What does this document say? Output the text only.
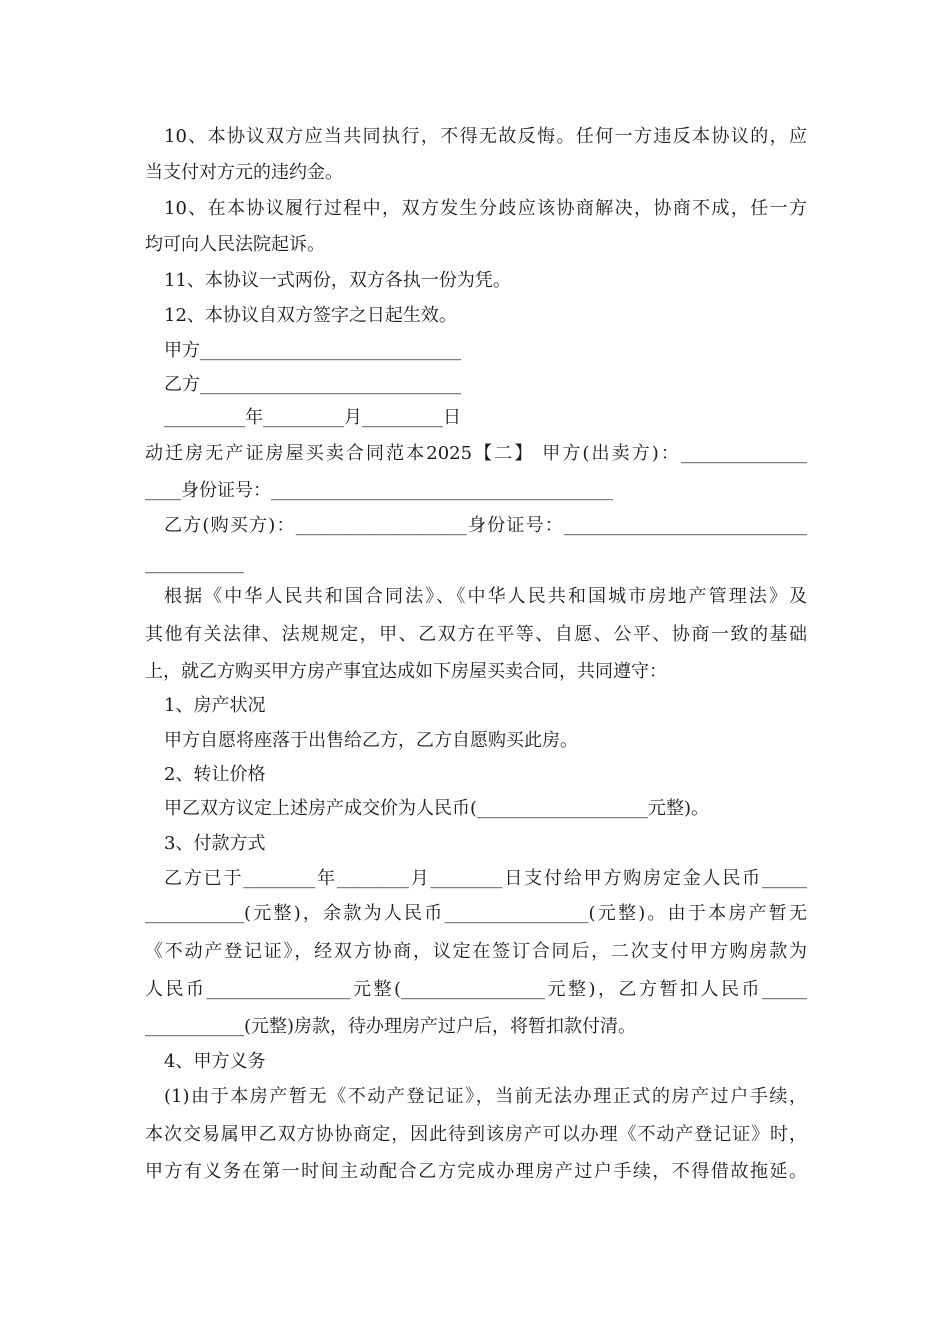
10、本协议双方应当共同执行，不得无故反悔。任何一方违反本协议的，应
当支付对方元的违约金。
10、在本协议履行过程中，双方发生分歧应该协商解决，协商不成，任一方
均可向人民法院起诉。
11、本协议一式两份，双方各执一份为凭。
12、本协议自双方签字之日起生效。
甲方_____________________________
乙方_____________________________
_________年_________月_________日
动迁房无产证房屋买卖合同范本2025【二】 甲方(出卖方)：______________
____身份证号：______________________________________
乙方(购买方)：___________________身份证号：___________________________
___________
根据《中华人民共和国合同法》、《中华人民共和国城市房地产管理法》及
其他有关法律、法规规定，甲、乙双方在平等、自愿、公平、协商一致的基础
上，就乙方购买甲方房产事宜达成如下房屋买卖合同，共同遵守：
1、房产状况
甲方自愿将座落于出售给乙方，乙方自愿购买此房。
2、转让价格
甲乙双方议定上述房产成交价为人民币(___________________元整)。
3、付款方式
乙方已于________年________月________日支付给甲方购房定金人民币_____
___________(元整)，余款为人民币________________(元整)。由于本房产暂无
《不动产登记证》，经双方协商，议定在签订合同后，二次支付甲方购房款为
人民币________________元整(________________元整)，乙方暂扣人民币_____
___________(元整)房款，待办理房产过户后，将暂扣款付清。
4、甲方义务
(1)由于本房产暂无《不动产登记证》，当前无法办理正式的房产过户手续，
本次交易属甲乙双方协协商定，因此待到该房产可以办理《不动产登记证》时，
甲方有义务在第一时间主动配合乙方完成办理房产过户手续，不得借故拖延。
